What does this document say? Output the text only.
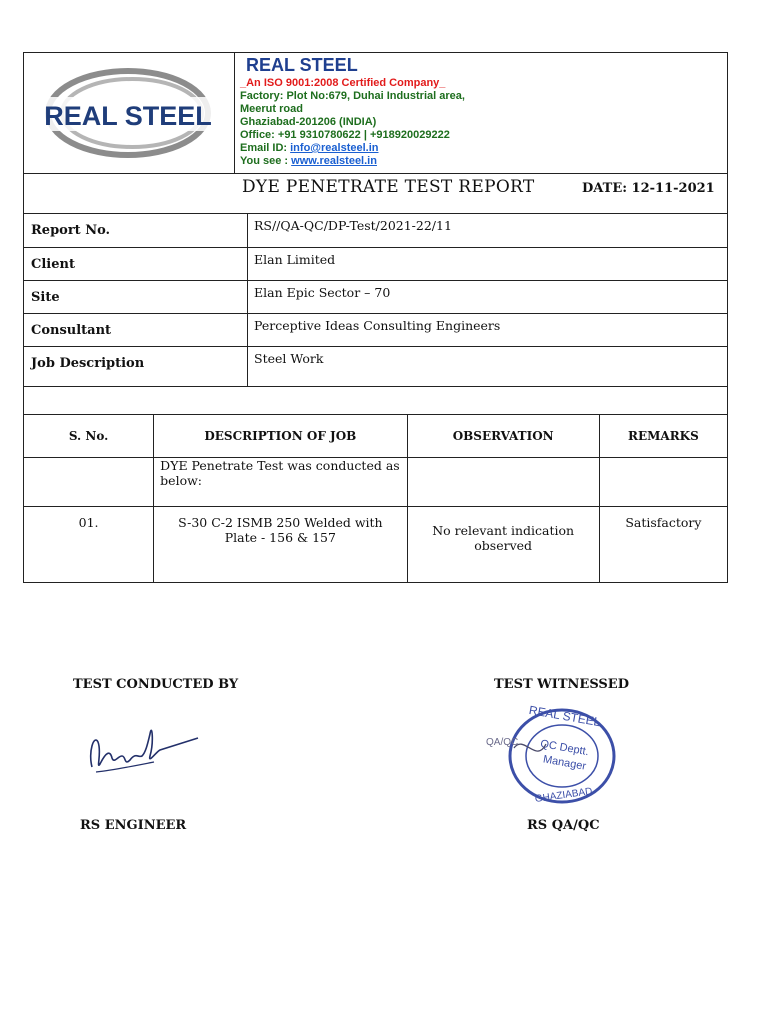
REAL STEEL
REAL STEEL
_An ISO 9001:2008 Certified Company_
Factory: Plot No:679, Duhai Industrial area,
Meerut road
Ghaziabad-201206 (INDIA)
Office: +91 9310780622 | +918920029222
Email ID: info@realsteel.in
You see : www.realsteel.in
DYE PENETRATE TEST REPORT	DATE: 12-11-2021
Report No.	RS//QA-QC/DP-Test/2021-22/11
Client	Elan Limited
Site	Elan Epic Sector – 70
Consultant	Perceptive Ideas Consulting Engineers
Job Description	Steel Work
S. No.	DESCRIPTION OF JOB	OBSERVATION	REMARKS
	DYE Penetrate Test was conducted as below:		
01.	S-30 C-2 ISMB 250 Welded with Plate - 156 & 157	No relevant indication observed	Satisfactory
TEST CONDUCTED BY
RS ENGINEER
TEST WITNESSED
REAL STEEL
QC Deptt.
Manager
GHAZIABAD
QA/QC
RS QA/QC
